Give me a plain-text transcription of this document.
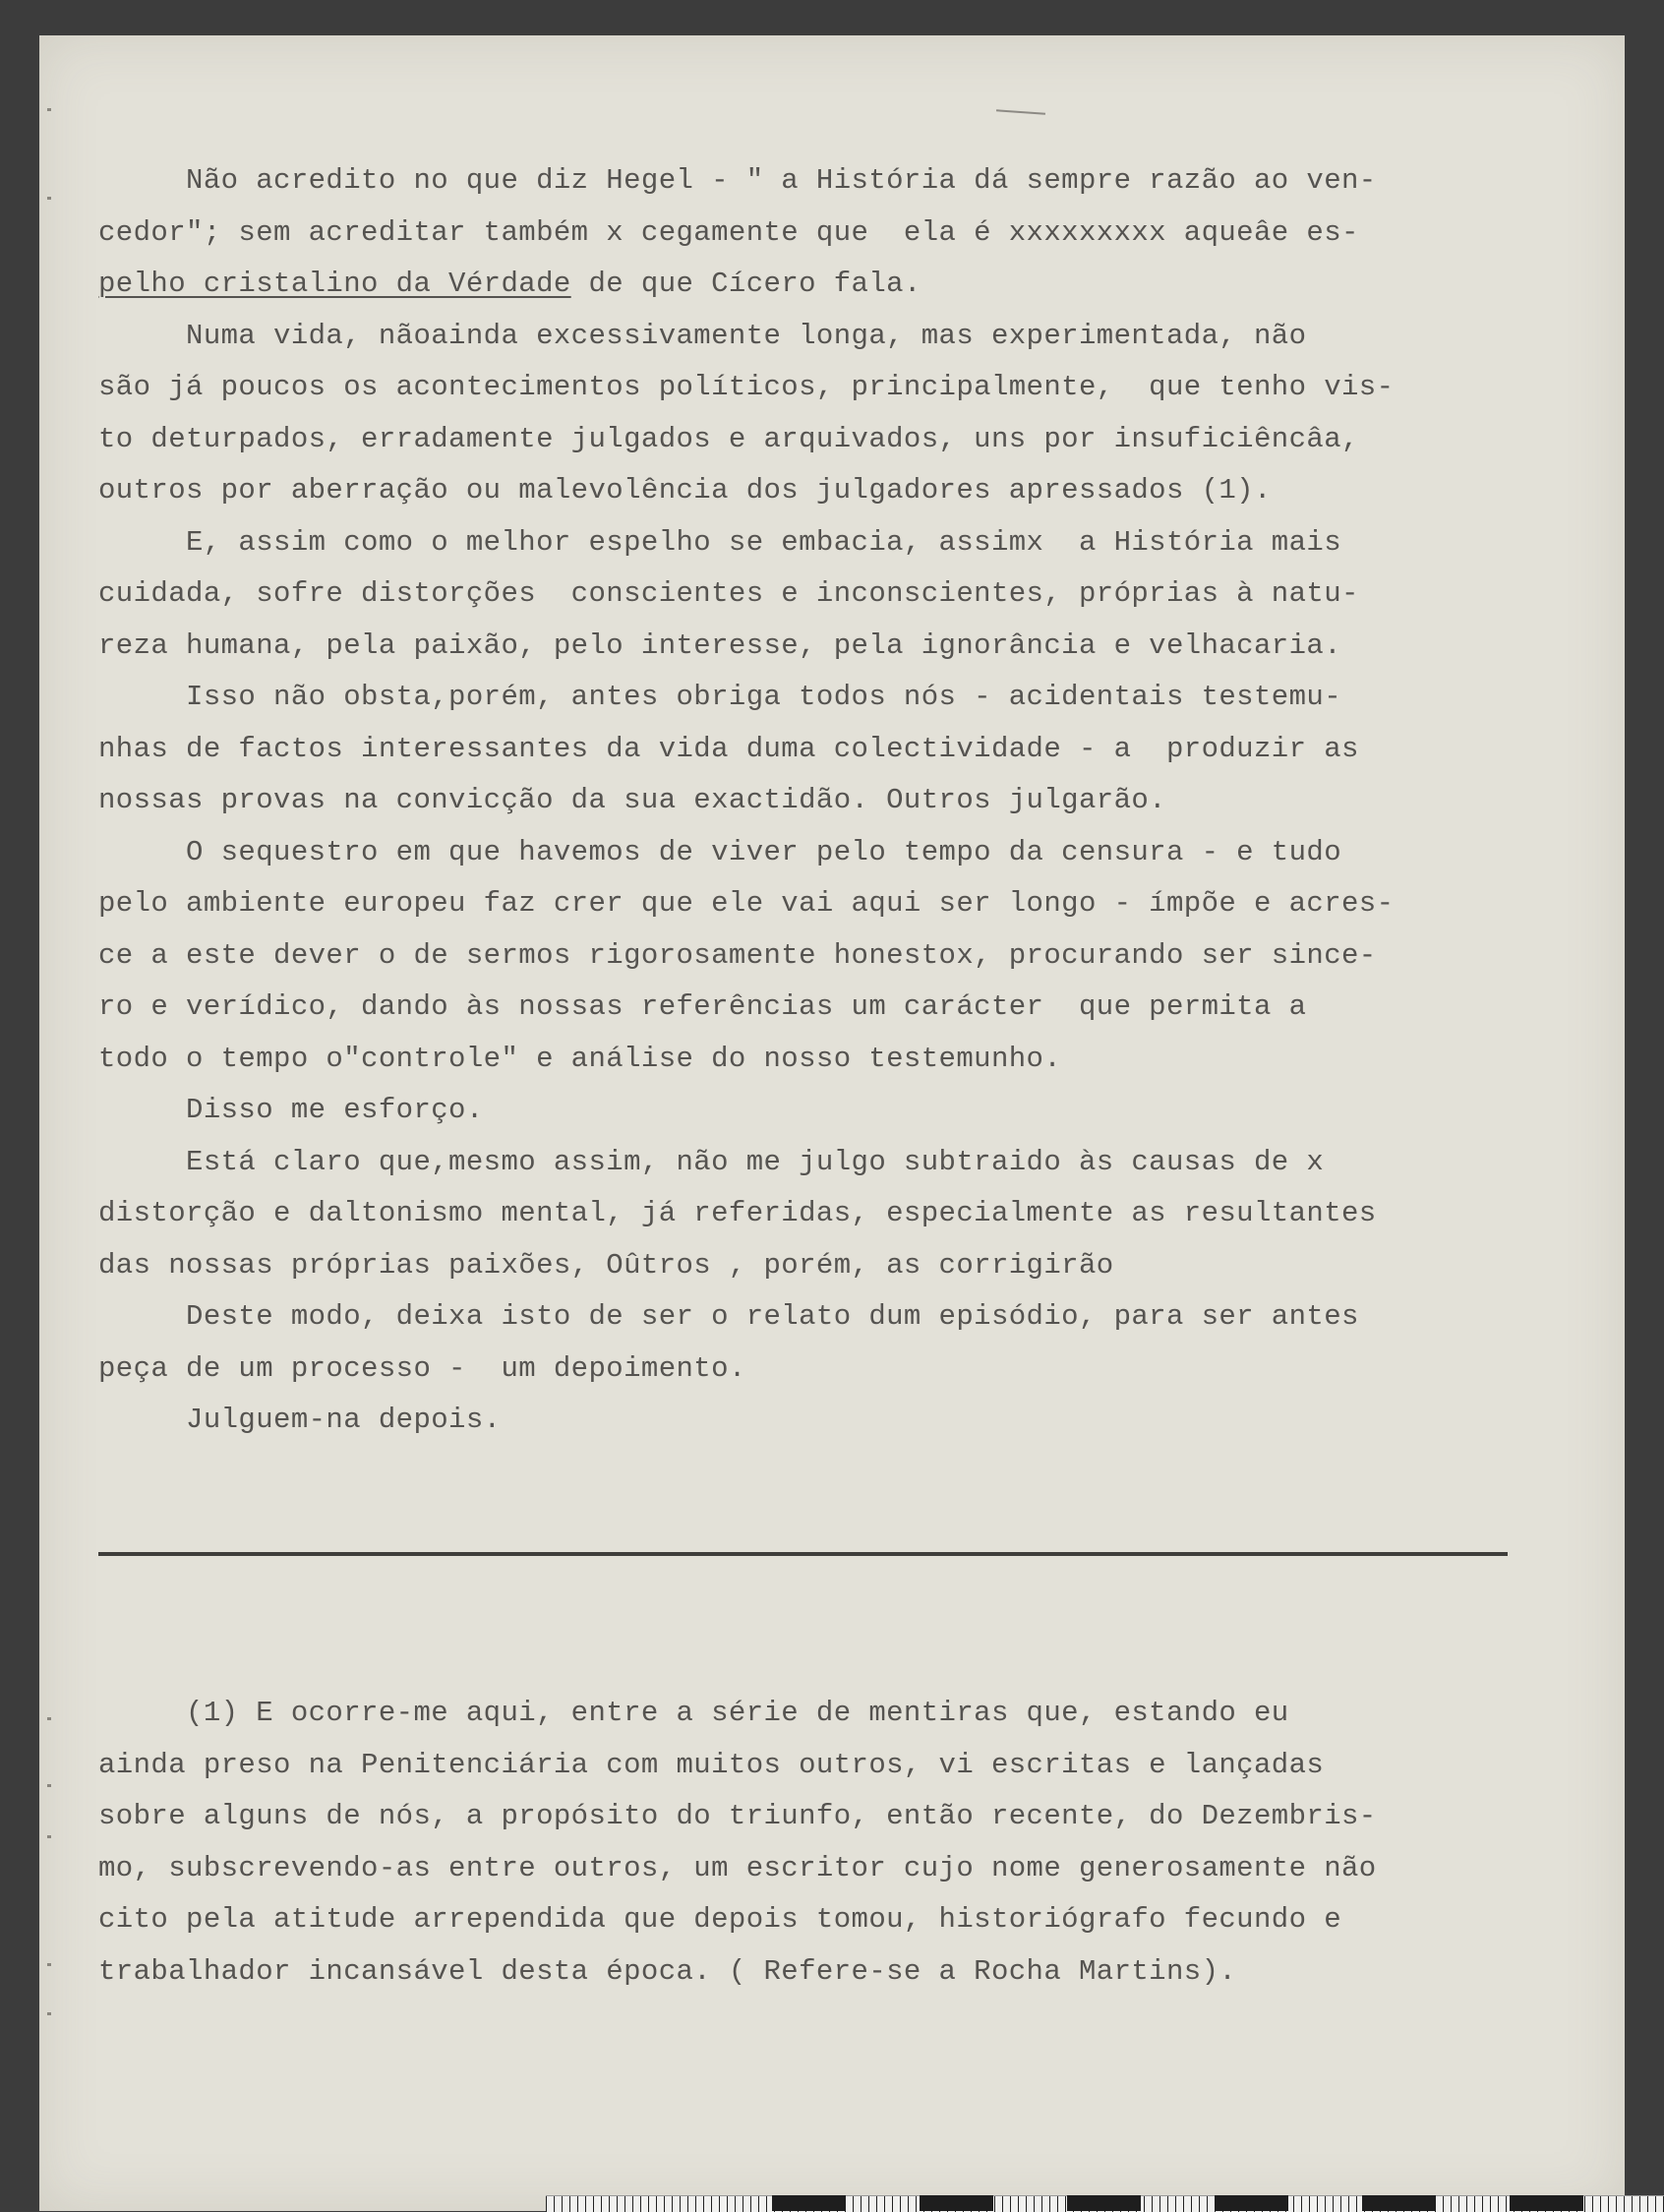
Não acredito no que diz Hegel - " a História dá sempre razão ao ven-
cedor"; sem acreditar também x cegamente que  ela é xxxxxxxxx aqueâe es-
pelho cristalino da Vérdade de que Cícero fala.
Numa vida, nãoainda excessivamente longa, mas experimentada, não
são já poucos os acontecimentos políticos, principalmente,  que tenho vis-
to deturpados, erradamente julgados e arquivados, uns por insuficiêncâa,
outros por aberração ou malevolência dos julgadores apressados (1).
E, assim como o melhor espelho se embacia, assimx  a História mais
cuidada, sofre distorções  conscientes e inconscientes, próprias à natu-
reza humana, pela paixão, pelo interesse, pela ignorância e velhacaria.
Isso não obsta,porém, antes obriga todos nós - acidentais testemu-
nhas de factos interessantes da vida duma colectividade - a  produzir as
nossas provas na convicção da sua exactidão. Outros julgarão.
O sequestro em que havemos de viver pelo tempo da censura - e tudo
pelo ambiente europeu faz crer que ele vai aqui ser longo - ímpõe e acres-
ce a este dever o de sermos rigorosamente honestox, procurando ser since-
ro e verídico, dando às nossas referências um carácter  que permita a
todo o tempo o"controle" e análise do nosso testemunho.
Disso me esforço.
Está claro que,mesmo assim, não me julgo subtraido às causas de x
distorção e daltonismo mental, já referidas, especialmente as resultantes
das nossas próprias paixões, Oûtros , porém, as corrigirão
Deste modo, deixa isto de ser o relato dum episódio, para ser antes
peça de um processo -  um depoimento.
Julguem-na depois.
(1) E ocorre-me aqui, entre a série de mentiras que, estando eu
ainda preso na Penitenciária com muitos outros, vi escritas e lançadas
sobre alguns de nós, a propósito do triunfo, então recente, do Dezembris-
mo, subscrevendo-as entre outros, um escritor cujo nome generosamente não
cito pela atitude arrependida que depois tomou, historiógrafo fecundo e
trabalhador incansável desta época. ( Refere-se a Rocha Martins).
